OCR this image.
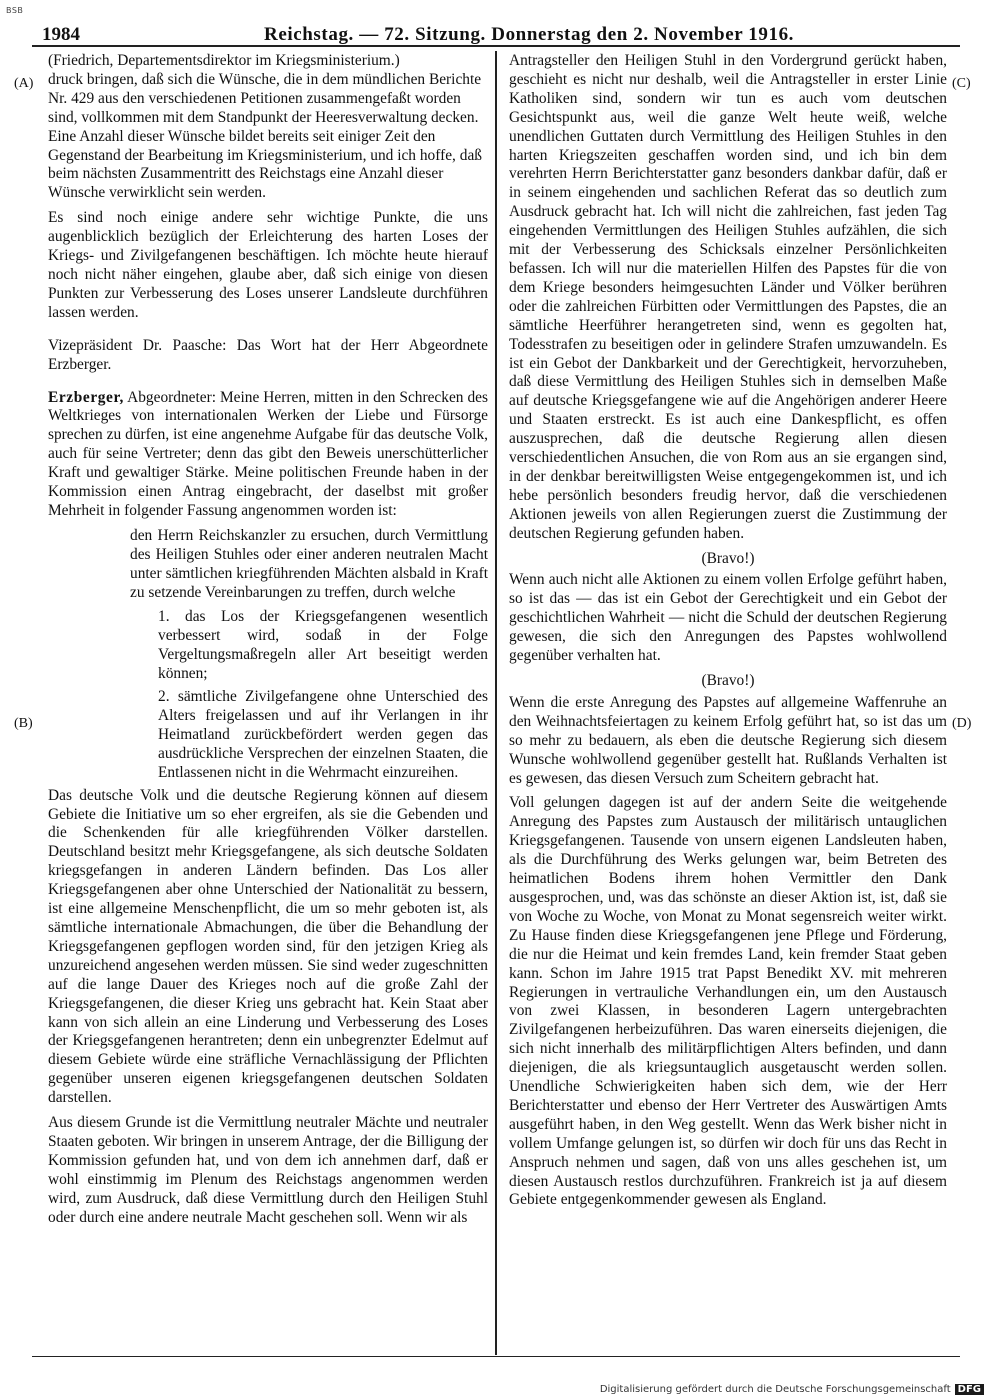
BSB
1984	Reichstag. — 72. Sitzung. Donnerstag den 2. November 1916.
(A)
(B)
(C)
(D)

(Friedrich, Departementsdirektor im Kriegsministerium.)
druck bringen, daß sich die Wünsche, die in dem mündlichen Berichte Nr. 429 aus den verschiedenen Petitionen zusammengefaßt worden sind, vollkommen mit dem Standpunkt der Heeresverwaltung decken. Eine Anzahl dieser Wünsche bildet bereits seit einiger Zeit den Gegenstand der Bearbeitung im Kriegsministerium, und ich hoffe, daß beim nächsten Zusammentritt des Reichstags eine Anzahl dieser Wünsche verwirklicht sein werden.

Es sind noch einige andere sehr wichtige Punkte, die uns augenblicklich bezüglich der Erleichterung des harten Loses der Kriegs- und Zivilgefangenen beschäftigen. Ich möchte heute hierauf noch nicht näher eingehen, glaube aber, daß sich einige von diesen Punkten zur Verbesserung des Loses unserer Landsleute durchführen lassen werden.

Vizepräsident Dr. Paasche: Das Wort hat der Herr Abgeordnete Erzberger.

Erzberger, Abgeordneter: Meine Herren, mitten in den Schrecken des Weltkrieges von internationalen Werken der Liebe und Fürsorge sprechen zu dürfen, ist eine angenehme Aufgabe für das deutsche Volk, auch für seine Vertreter; denn das gibt den Beweis unerschütterlicher Kraft und gewaltiger Stärke. Meine politischen Freunde haben in der Kommission einen Antrag eingebracht, der daselbst mit großer Mehrheit in folgender Fassung angenommen worden ist:

den Herrn Reichskanzler zu ersuchen, durch Vermittlung des Heiligen Stuhles oder einer anderen neutralen Macht unter sämtlichen kriegführenden Mächten alsbald in Kraft zu setzende Vereinbarungen zu treffen, durch welche

1. das Los der Kriegsgefangenen wesentlich verbessert wird, sodaß in der Folge Vergeltungsmaßregeln aller Art beseitigt werden können;

2. sämtliche Zivilgefangene ohne Unterschied des Alters freigelassen und auf ihr Verlangen in ihr Heimatland zurückbefördert werden gegen das ausdrückliche Versprechen der einzelnen Staaten, die Entlassenen nicht in die Wehrmacht einzureihen.

Das deutsche Volk und die deutsche Regierung können auf diesem Gebiete die Initiative um so eher ergreifen, als sie die Gebenden und die Schenkenden für alle kriegführenden Völker darstellen. Deutschland besitzt mehr Kriegsgefangene, als sich deutsche Soldaten kriegsgefangen in anderen Ländern befinden. Das Los aller Kriegsgefangenen aber ohne Unterschied der Nationalität zu bessern, ist eine allgemeine Menschenpflicht, die um so mehr geboten ist, als sämtliche internationale Abmachungen, die über die Behandlung der Kriegsgefangenen gepflogen worden sind, für den jetzigen Krieg als unzureichend angesehen werden müssen. Sie sind weder zugeschnitten auf die lange Dauer des Krieges noch auf die große Zahl der Kriegsgefangenen, die dieser Krieg uns gebracht hat. Kein Staat aber kann von sich allein an eine Linderung und Verbesserung des Loses der Kriegsgefangenen herantreten; denn ein unbegrenzter Edelmut auf diesem Gebiete würde eine sträfliche Vernachlässigung der Pflichten gegenüber unseren eigenen kriegsgefangenen deutschen Soldaten darstellen.

Aus diesem Grunde ist die Vermittlung neutraler Mächte und neutraler Staaten geboten. Wir bringen in unserem Antrage, der die Billigung der Kommission gefunden hat, und von dem ich annehmen darf, daß er wohl einstimmig im Plenum des Reichstags angenommen werden wird, zum Ausdruck, daß diese Vermittlung durch den Heiligen Stuhl oder durch eine andere neutrale Macht geschehen soll. Wenn wir als

Antragsteller den Heiligen Stuhl in den Vordergrund gerückt haben, geschieht es nicht nur deshalb, weil die Antragsteller in erster Linie Katholiken sind, sondern wir tun es auch vom deutschen Gesichtspunkt aus, weil die ganze Welt heute weiß, welche unendlichen Guttaten durch Vermittlung des Heiligen Stuhles in den harten Kriegszeiten geschaffen worden sind, und ich bin dem verehrten Herrn Berichterstatter ganz besonders dankbar dafür, daß er in seinem eingehenden und sachlichen Referat das so deutlich zum Ausdruck gebracht hat. Ich will nicht die zahlreichen, fast jeden Tag eingehenden Vermittlungen des Heiligen Stuhles aufzählen, die sich mit der Verbesserung des Schicksals einzelner Persönlichkeiten befassen. Ich will nur die materiellen Hilfen des Papstes für die von dem Kriege besonders heimgesuchten Länder und Völker berühren oder die zahlreichen Fürbitten oder Vermittlungen des Papstes, die an sämtliche Heerführer herangetreten sind, wenn es gegolten hat, Todesstrafen zu beseitigen oder in gelindere Strafen umzuwandeln. Es ist ein Gebot der Dankbarkeit und der Gerechtigkeit, hervorzuheben, daß diese Vermittlung des Heiligen Stuhles sich in demselben Maße auf deutsche Kriegsgefangene wie auf die Angehörigen anderer Heere und Staaten erstreckt. Es ist auch eine Dankespflicht, es offen auszusprechen, daß die deutsche Regierung allen diesen verschiedentlichen Ansuchen, die von Rom aus an sie ergangen sind, in der denkbar bereitwilligsten Weise entgegengekommen ist, und ich hebe persönlich besonders freudig hervor, daß die verschiedenen Aktionen jeweils von allen Regierungen zuerst die Zustimmung der deutschen Regierung gefunden haben.

(Bravo!)

Wenn auch nicht alle Aktionen zu einem vollen Erfolge geführt haben, so ist das — das ist ein Gebot der Gerechtigkeit und ein Gebot der geschichtlichen Wahrheit — nicht die Schuld der deutschen Regierung gewesen, die sich den Anregungen des Papstes wohlwollend gegenüber verhalten hat.

(Bravo!)

Wenn die erste Anregung des Papstes auf allgemeine Waffenruhe an den Weihnachtsfeiertagen zu keinem Erfolg geführt hat, so ist das um so mehr zu bedauern, als eben die deutsche Regierung sich diesem Wunsche wohlwollend gegenüber gestellt hat. Rußlands Verhalten ist es gewesen, das diesen Versuch zum Scheitern gebracht hat.

Voll gelungen dagegen ist auf der andern Seite die weitgehende Anregung des Papstes zum Austausch der militärisch untauglichen Kriegsgefangenen. Tausende von unsern eigenen Landsleuten haben, als die Durchführung des Werks gelungen war, beim Betreten des heimatlichen Bodens ihrem hohen Vermittler den Dank ausgesprochen, und, was das schönste an dieser Aktion ist, ist, daß sie von Woche zu Woche, von Monat zu Monat segensreich weiter wirkt. Zu Hause finden diese Kriegsgefangenen jene Pflege und Förderung, die nur die Heimat und kein fremdes Land, kein fremder Staat geben kann. Schon im Jahre 1915 trat Papst Benedikt XV. mit mehreren Regierungen in vertrauliche Verhandlungen ein, um den Austausch von zwei Klassen, in besonderen Lagern untergebrachten Zivilgefangenen herbeizuführen. Das waren einerseits diejenigen, die sich nicht innerhalb des militärpflichtigen Alters befinden, und dann diejenigen, die als kriegsuntauglich ausgetauscht werden sollen. Unendliche Schwierigkeiten haben sich dem, wie der Herr Berichterstatter und ebenso der Herr Vertreter des Auswärtigen Amts ausgeführt haben, in den Weg gestellt. Wenn das Werk bisher nicht in vollem Umfange gelungen ist, so dürfen wir doch für uns das Recht in Anspruch nehmen und sagen, daß von uns alles geschehen ist, um diesen Austausch restlos durchzuführen. Frankreich ist ja auf diesem Gebiete entgegenkommender gewesen als England.

Digitalisierung gefördert durch die Deutsche Forschungsgemeinschaft DFG
